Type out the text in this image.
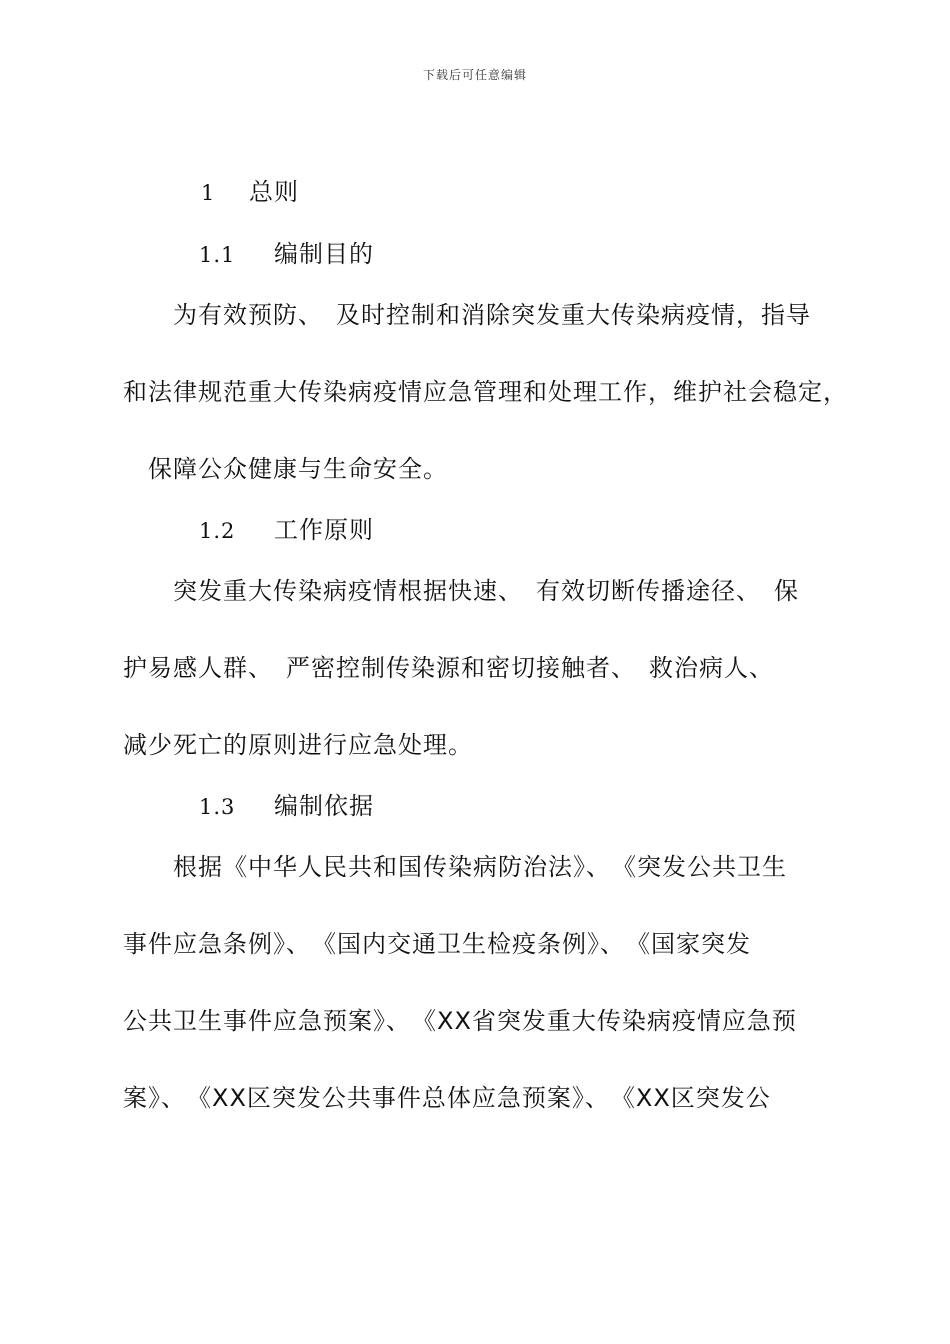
下载后可任意编辑
1 总则
1.1 编制目的
为有效预防、　及时控制和消除突发重大传染病疫情，指导
和法律规范重大传染病疫情应急管理和处理工作，维护社会稳定，
保障公众健康与生命安全。
1.2 工作原则
突发重大传染病疫情根据快速、　有效切断传播途径、　保
护易感人群、　严密控制传染源和密切接触者、　救治病人、
减少死亡的原则进行应急处理。
1.3 编制依据
根据《中华人民共和国传染病防治法》、　《突发公共卫生
事件应急条例》、　《国内交通卫生检疫条例》、　《国家突发
公共卫生事件应急预案》、　《XX省突发重大传染病疫情应急预
案》、　《XX区突发公共事件总体应急预案》、　《XX区突发公
